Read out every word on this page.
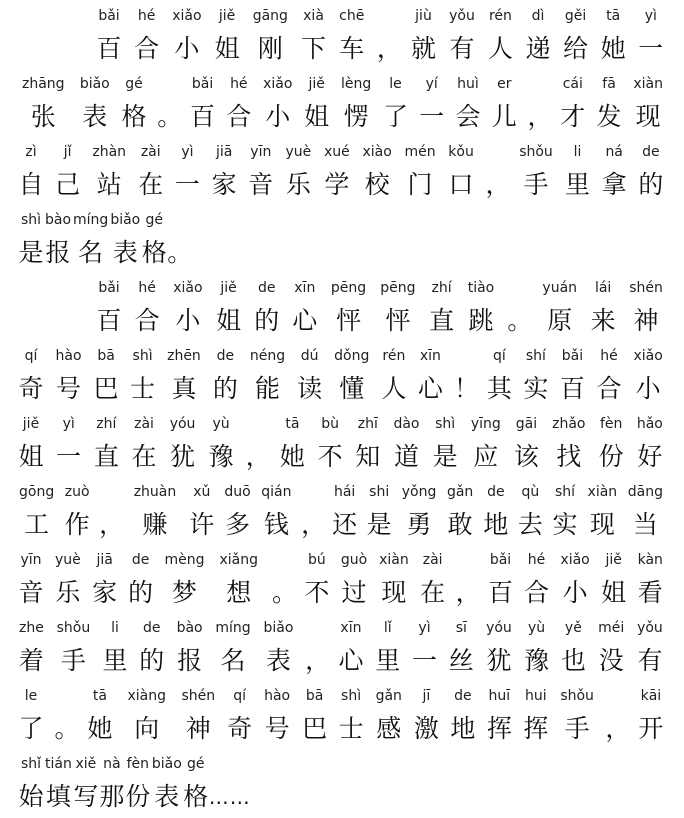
bǎi
百
hé
合
xiǎo
小
jiě
姐
gāng
刚
xià
下
chē
车 ，
jiù
就
yǒu
有
rén
人
dì
递
gěi
给
tā
她
yì
一
zhāng
张
biǎo
表
gé
格 。
bǎi
百
hé
合
xiǎo
小
jiě
姐
lèng
愣
le
了
yí
一
huì
会
er
儿 ，
cái
才
fā
发
xiàn
现
zì
自
jǐ
己
zhàn
站
zài
在
yì
一
jiā
家
yīn
音
yuè
乐
xué
学
xiào
校
mén
门
kǒu
口 ，
shǒu
手
li
里
ná
拿
de
的
shì
是
bào
报
míng
名
biǎo
表
gé
格 。
bǎi
百
hé
合
xiǎo
小
jiě
姐
de
的
xīn
心
pēng
怦
pēng
怦
zhí
直
tiào
跳 。
yuán
原
lái
来
shén
神
qí
奇
hào
号
bā
巴
shì
士
zhēn
真
de
的
néng
能
dú
读
dǒng
懂
rén
人
xīn
心 ！
qí
其
shí
实
bǎi
百
hé
合
xiǎo
小
jiě
姐
yì
一
zhí
直
zài
在
yóu
犹
yù
豫 ，
tā
她
bù
不
zhī
知
dào
道
shì
是
yīng
应
gāi
该
zhǎo
找
fèn
份
hǎo
好
gōng
工
zuò
作 ，
zhuàn
赚
xǔ
许
duō
多
qián
钱 ，
hái
还
shi
是
yǒng
勇
gǎn
敢
de
地
qù
去
shí
实
xiàn
现
dāng
当
yīn
音
yuè
乐
jiā
家
de
的
mèng
梦
xiǎng
想 。
bú
不
guò
过
xiàn
现
zài
在 ，
bǎi
百
hé
合
xiǎo
小
jiě
姐
kàn
看
zhe
着
shǒu
手
li
里
de
的
bào
报
míng
名
biǎo
表 ，
xīn
心
lǐ
里
yì
一
sī
丝
yóu
犹
yù
豫
yě
也
méi
没
yǒu
有
le
了 。
tā
她
xiàng
向
shén
神
qí
奇
hào
号
bā
巴
shì
士
gǎn
感
jī
激
de
地
huī
挥
hui
挥
shǒu
手 ，
kāi
开
shǐ
始
tián
填
xiě
写
nà
那
fèn
份
biǎo
表
gé
格 ……
